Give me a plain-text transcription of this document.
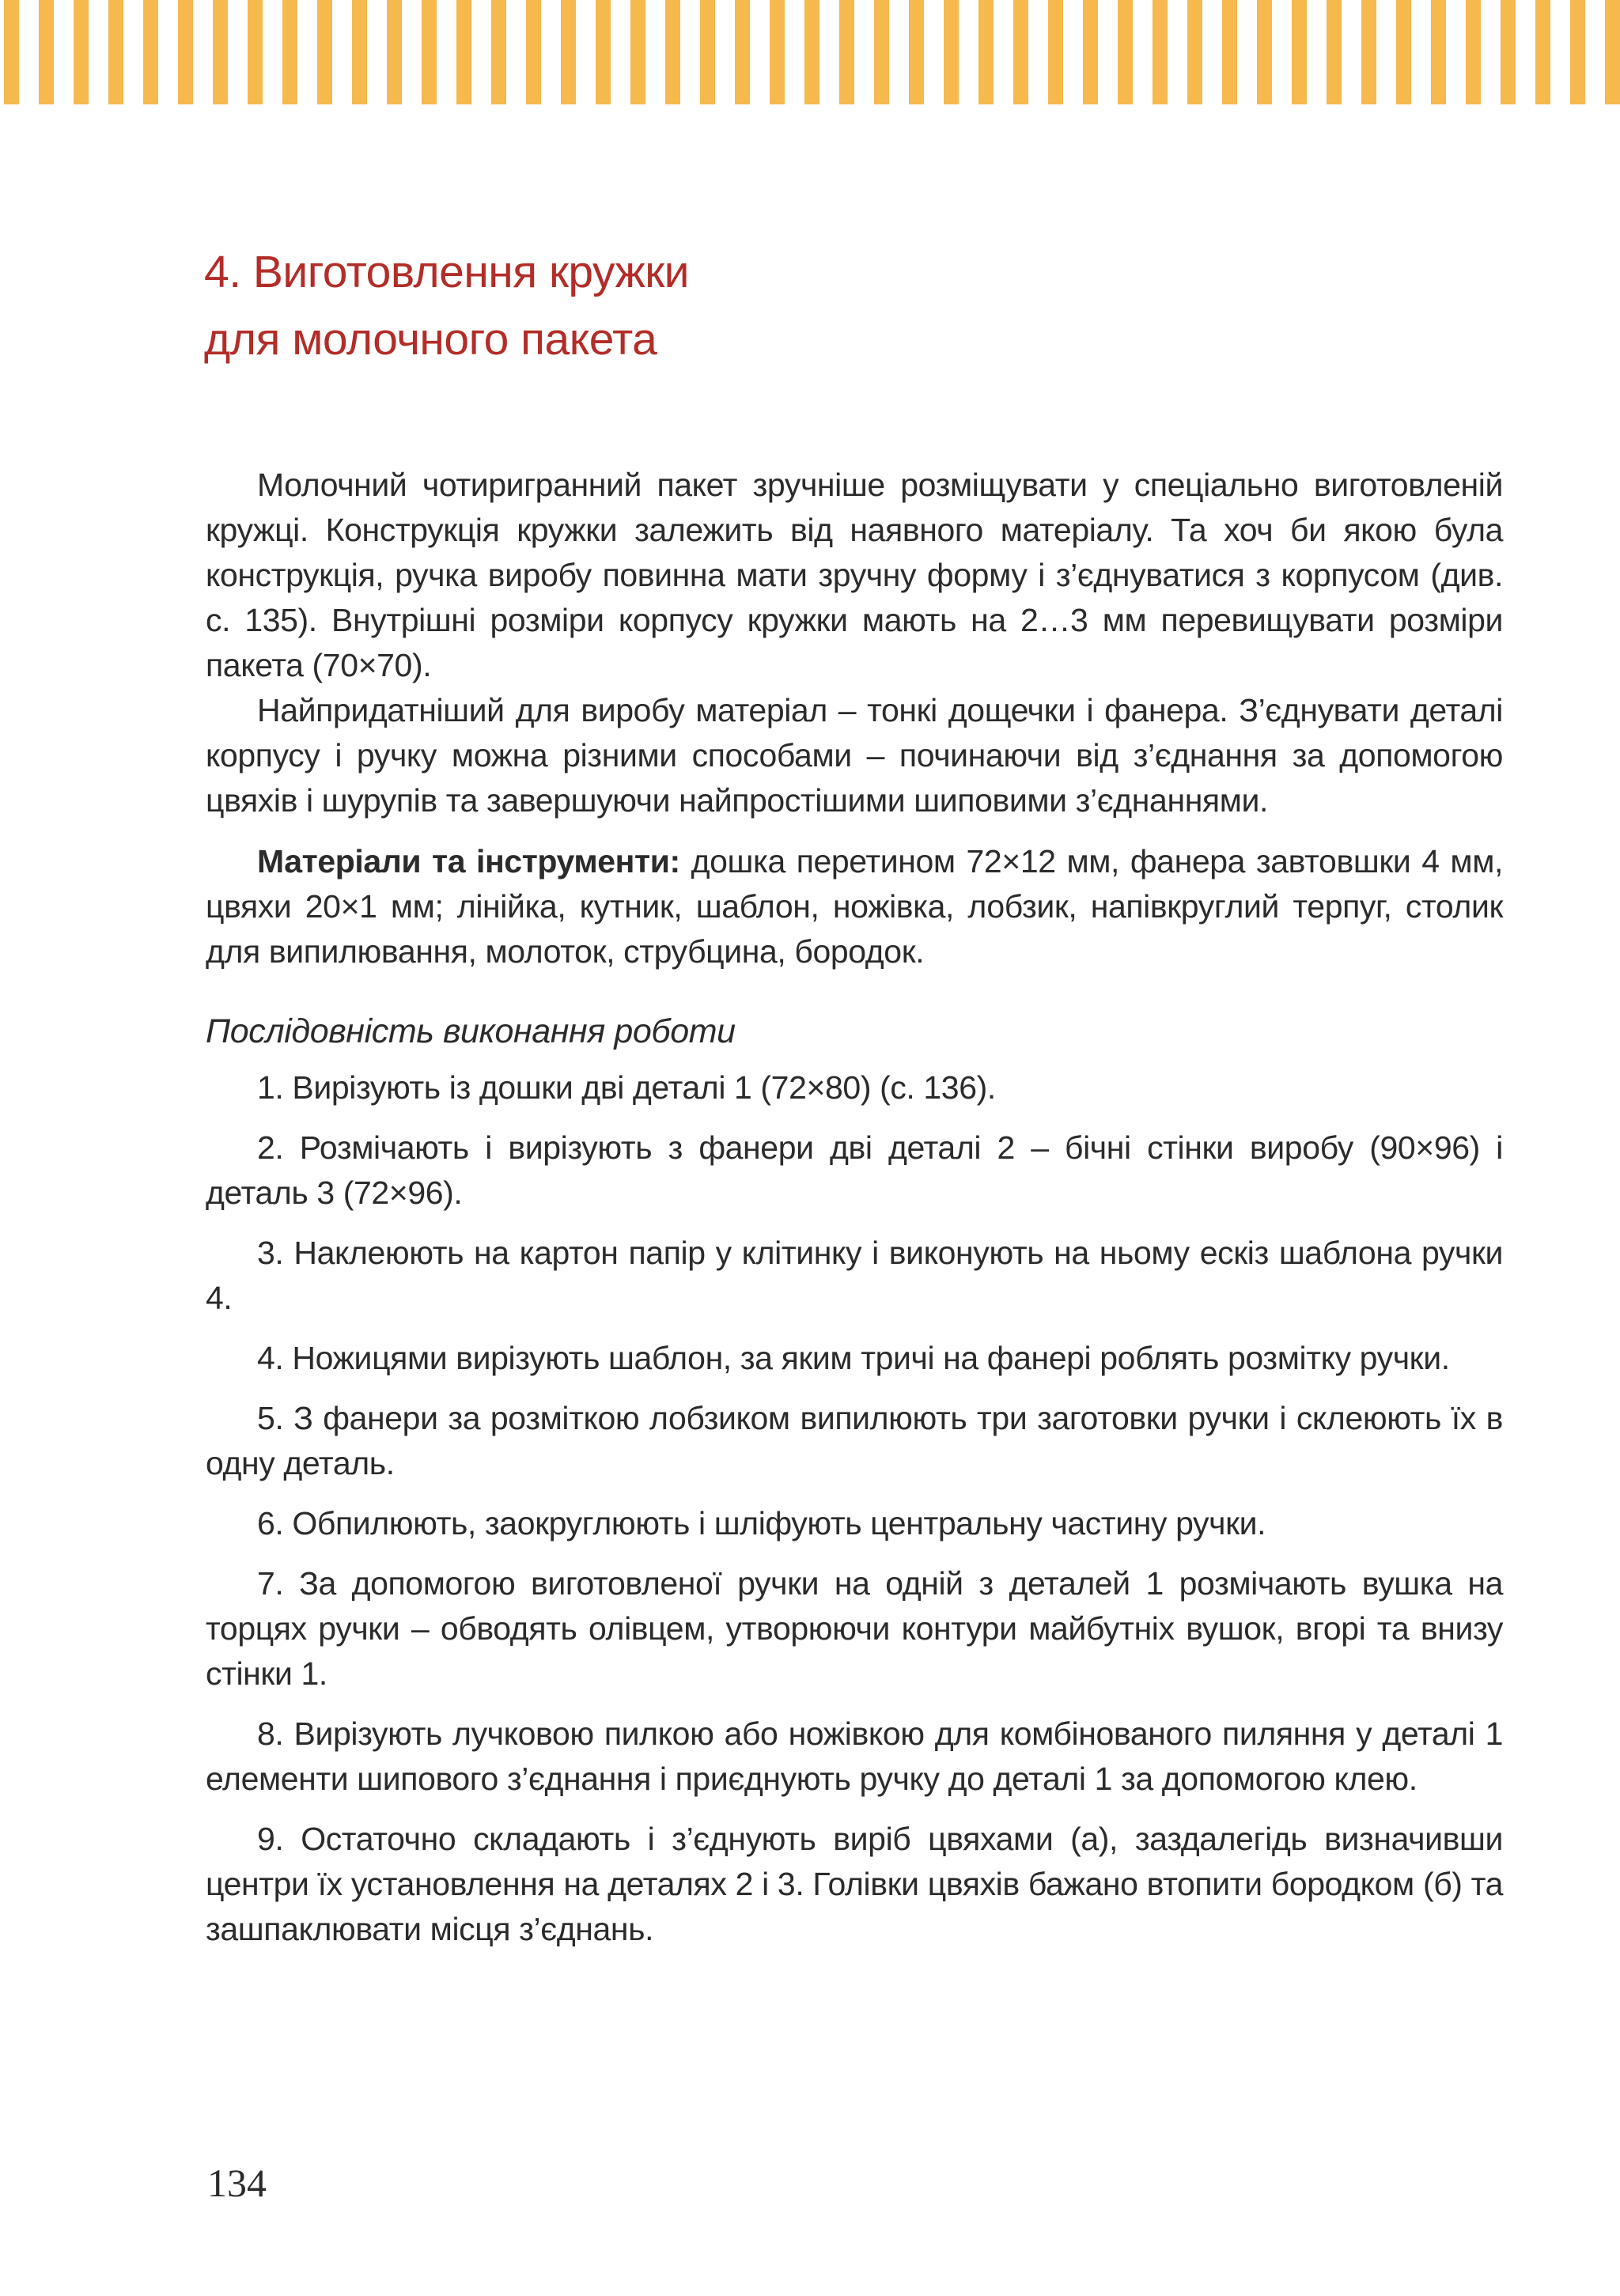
4. Виготовлення кружки
для молочного пакета

Молочний чотиригранний пакет зручніше розміщувати у спеціально виготовленій кружці. Конструкція кружки залежить від наявного матеріалу. Та хоч би якою була конструкція, ручка виробу повинна мати зручну форму і з’єднуватися з корпусом (див. с. 135). Внутрішні розміри корпусу кружки мають на 2…3 мм перевищувати розміри пакета (70×70).

Найпридатніший для виробу матеріал – тонкі дощечки і фанера. З’єднувати деталі корпусу і ручку можна різними способами – починаючи від з’єднання за допомогою цвяхів і шурупів та завершуючи найпростішими шиповими з’єднаннями.

Матеріали та інструменти: дошка перетином 72×12 мм, фанера завтовшки 4 мм, цвяхи 20×1 мм; лінійка, кутник, шаблон, ножівка, лобзик, напівкруглий терпуг, столик для випилювання, молоток, струбцина, бородок.

Послідовність виконання роботи

1. Вирізують із дошки дві деталі 1 (72×80) (с. 136).

2. Розмічають і вирізують з фанери дві деталі 2 – бічні стінки виробу (90×96) і деталь 3 (72×96).

3. Наклеюють на картон папір у клітинку і виконують на ньому ескіз шаблона ручки 4.

4. Ножицями вирізують шаблон, за яким тричі на фанері роблять розмітку ручки.

5. З фанери за розміткою лобзиком випилюють три заготовки ручки і склеюють їх в одну деталь.

6. Обпилюють, заокруглюють і шліфують центральну частину ручки.

7. За допомогою виготовленої ручки на одній з деталей 1 розмічають вушка на торцях ручки – обводять олівцем, утворюючи контури майбутніх вушок, вгорі та внизу стінки 1.

8. Вирізують лучковою пилкою або ножівкою для комбінованого пиляння у деталі 1 елементи шипового з’єднання і приєднують ручку до деталі 1 за допомогою клею.

9. Остаточно складають і з’єднують виріб цвяхами (а), заздалегідь визначивши центри їх установлення на деталях 2 і 3. Голівки цвяхів бажано втопити бородком (б) та зашпаклювати місця з’єднань.

134
